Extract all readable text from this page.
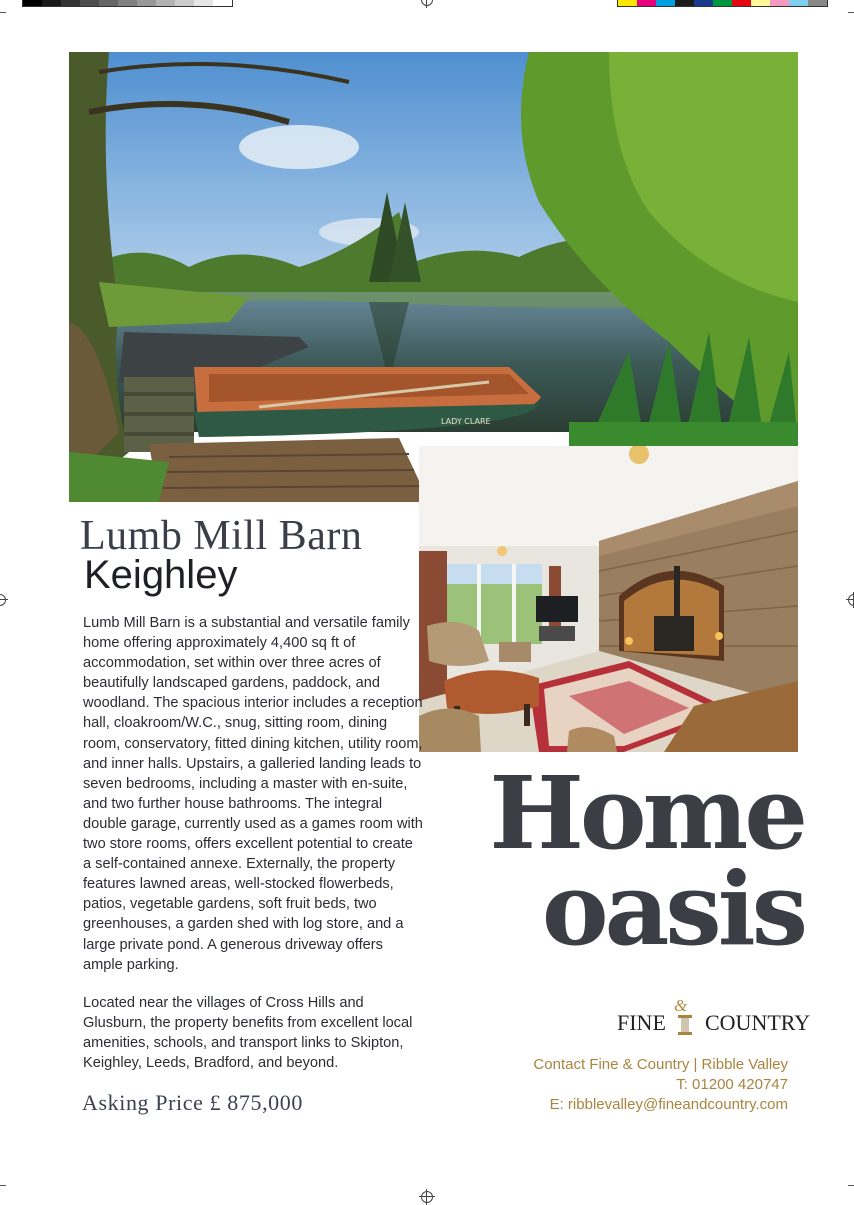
LADY CLARE
Lumb Mill Barn
Keighley

Lumb Mill Barn is a substantial and versatile family home offering approximately 4,400 sq ft of accommodation, set within over three acres of beautifully landscaped gardens, paddock, and woodland. The spacious interior includes a reception hall, cloakroom/W.C., snug, sitting room, dining room, conservatory, fitted dining kitchen, utility room, and inner halls. Upstairs, a galleried landing leads to seven bedrooms, including a master with en-suite, and two further house bathrooms. The integral double garage, currently used as a games room with two store rooms, offers excellent potential to create a self-contained annexe. Externally, the property features lawned areas, well-stocked flowerbeds, patios, vegetable gardens, soft fruit beds, two greenhouses, a garden shed with log store, and a large private pond. A generous driveway offers ample parking.

Located near the villages of Cross Hills and Glusburn, the property benefits from excellent local amenities, schools, and transport links to Skipton, Keighley, Leeds, Bradford, and beyond.

Asking Price £ 875,000

Home

oasis

FINE
&
COUNTRY

Contact Fine & Country | Ribble Valley

T: 01200 420747

E: ribblevalley@fineandcountry.com
